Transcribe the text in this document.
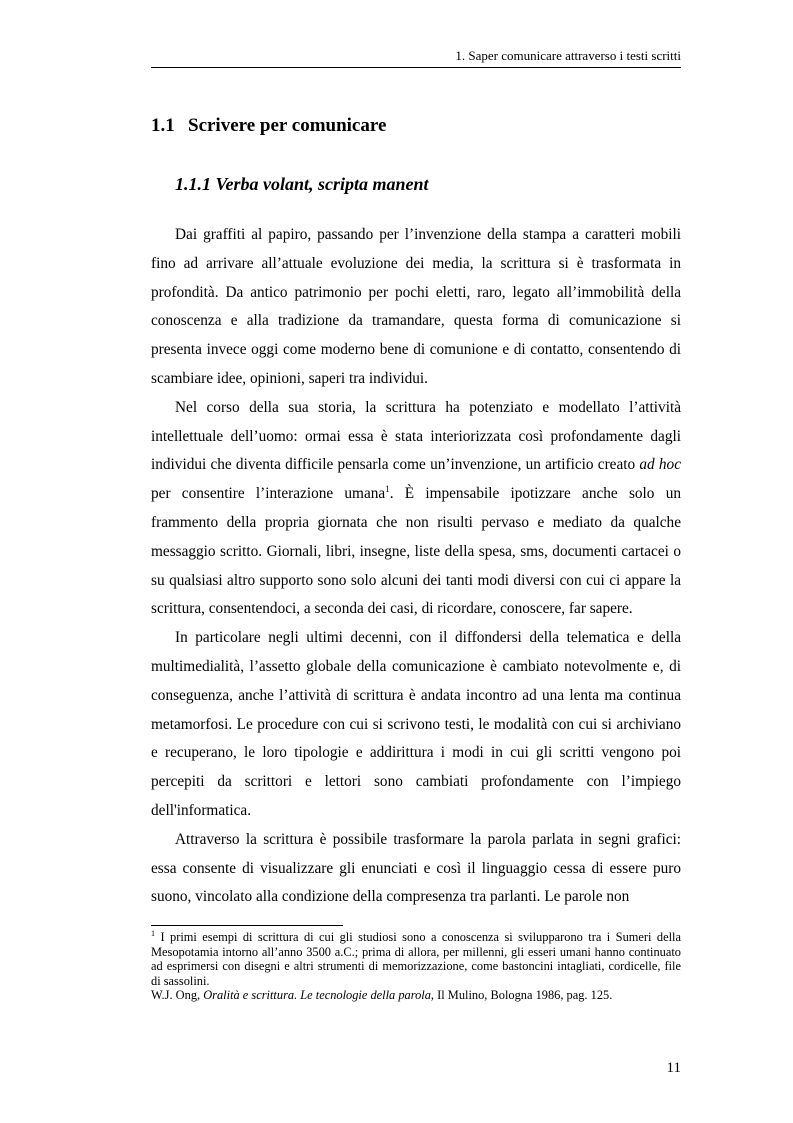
1. Saper comunicare attraverso i testi scritti
1.1 Scrivere per comunicare
1.1.1 Verba volant, scripta manent

Dai graffiti al papiro, passando per l’invenzione della stampa a caratteri mobili fino ad arrivare all’attuale evoluzione dei media, la scrittura si è trasformata in profondità. Da antico patrimonio per pochi eletti, raro, legato all’immobilità della conoscenza e alla tradizione da tramandare, questa forma di comunicazione si presenta invece oggi come moderno bene di comunione e di contatto, consentendo di scambiare idee, opinioni, saperi tra individui.

Nel corso della sua storia, la scrittura ha potenziato e modellato l’attività intellettuale dell’uomo: ormai essa è stata interiorizzata così profondamente dagli individui che diventa difficile pensarla come un’invenzione, un artificio creato ad hoc per consentire l’interazione umana$^1$. È impensabile ipotizzare anche solo un frammento della propria giornata che non risulti pervaso e mediato da qualche messaggio scritto. Giornali, libri, insegne, liste della spesa, sms, documenti cartacei o su qualsiasi altro supporto sono solo alcuni dei tanti modi diversi con cui ci appare la scrittura, consentendoci, a seconda dei casi, di ricordare, conoscere, far sapere.

In particolare negli ultimi decenni, con il diffondersi della telematica e della multimedialità, l’assetto globale della comunicazione è cambiato notevolmente e, di conseguenza, anche l’attività di scrittura è andata incontro ad una lenta ma continua metamorfosi. Le procedure con cui si scrivono testi, le modalità con cui si archiviano e recuperano, le loro tipologie e addirittura i modi in cui gli scritti vengono poi percepiti da scrittori e lettori sono cambiati profondamente con l’impiego dell'informatica.

Attraverso la scrittura è possibile trasformare la parola parlata in segni grafici: essa consente di visualizzare gli enunciati e così il linguaggio cessa di essere puro suono, vincolato alla condizione della compresenza tra parlanti. Le parole non

$^1$ I primi esempi di scrittura di cui gli studiosi sono a conoscenza si svilupparono tra i Sumeri della Mesopotamia intorno all’anno 3500 a.C.; prima di allora, per millenni, gli esseri umani hanno continuato ad esprimersi con disegni e altri strumenti di memorizzazione, come bastoncini intagliati, cordicelle, file di sassolini.

W.J. Ong, Oralità e scrittura. Le tecnologie della parola, Il Mulino, Bologna 1986, pag. 125.

11
